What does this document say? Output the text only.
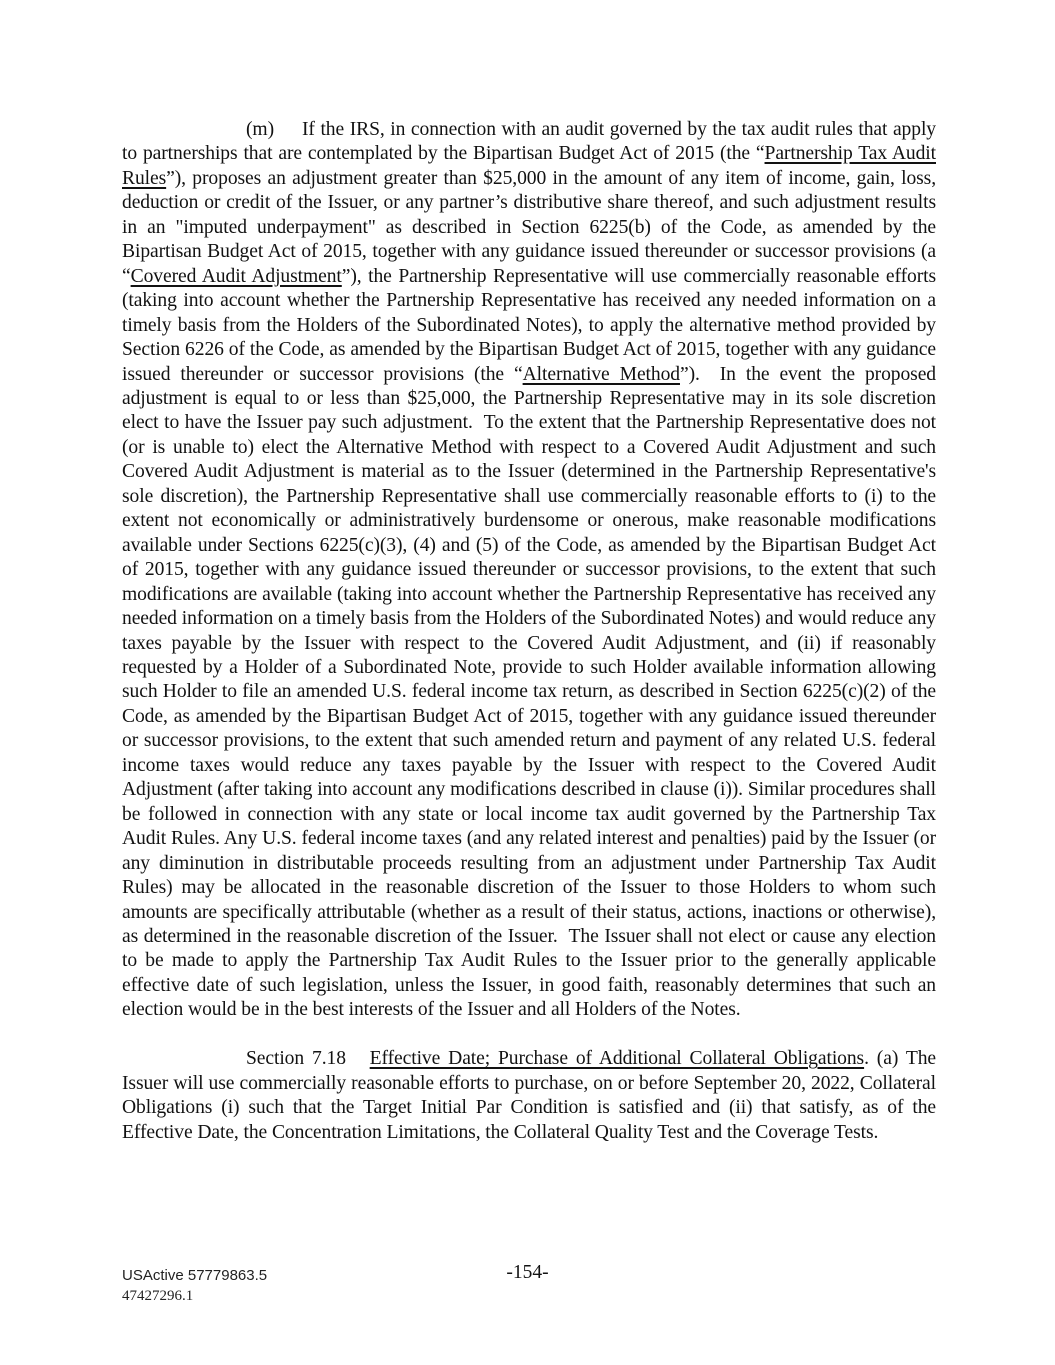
(m)     If the IRS, in connection with an audit governed by the tax audit rules that apply to partnerships that are contemplated by the Bipartisan Budget Act of 2015 (the “Partnership Tax Audit Rules”), proposes an adjustment greater than $25,000 in the amount of any item of income, gain, loss, deduction or credit of the Issuer, or any partner’s distributive share thereof, and such adjustment results in an "imputed underpayment" as described in Section 6225(b) of the Code, as amended by the Bipartisan Budget Act of 2015, together with any guidance issued thereunder or successor provisions (a “Covered Audit Adjustment”), the Partnership Representative will use commercially reasonable efforts (taking into account whether the Partnership Representative has received any needed information on a timely basis from the Holders of the Subordinated Notes), to apply the alternative method provided by Section 6226 of the Code, as amended by the Bipartisan Budget Act of 2015, together with any guidance issued thereunder or successor provisions (the “Alternative Method”).  In the event the proposed adjustment is equal to or less than $25,000, the Partnership Representative may in its sole discretion elect to have the Issuer pay such adjustment.  To the extent that the Partnership Representative does not (or is unable to) elect the Alternative Method with respect to a Covered Audit Adjustment and such Covered Audit Adjustment is material as to the Issuer (determined in the Partnership Representative's sole discretion), the Partnership Representative shall use commercially reasonable efforts to (i) to the extent not economically or administratively burdensome or onerous, make reasonable modifications available under Sections 6225(c)(3), (4) and (5) of the Code, as amended by the Bipartisan Budget Act of 2015, together with any guidance issued thereunder or successor provisions, to the extent that such modifications are available (taking into account whether the Partnership Representative has received any needed information on a timely basis from the Holders of the Subordinated Notes) and would reduce any taxes payable by the Issuer with respect to the Covered Audit Adjustment, and (ii) if reasonably requested by a Holder of a Subordinated Note, provide to such Holder available information allowing such Holder to file an amended U.S. federal income tax return, as described in Section 6225(c)(2) of the Code, as amended by the Bipartisan Budget Act of 2015, together with any guidance issued thereunder or successor provisions, to the extent that such amended return and payment of any related U.S. federal income taxes would reduce any taxes payable by the Issuer with respect to the Covered Audit Adjustment (after taking into account any modifications described in clause (i)). Similar procedures shall be followed in connection with any state or local income tax audit governed by the Partnership Tax Audit Rules. Any U.S. federal income taxes (and any related interest and penalties) paid by the Issuer (or any diminution in distributable proceeds resulting from an adjustment under Partnership Tax Audit Rules) may be allocated in the reasonable discretion of the Issuer to those Holders to whom such amounts are specifically attributable (whether as a result of their status, actions, inactions or otherwise), as determined in the reasonable discretion of the Issuer.  The Issuer shall not elect or cause any election to be made to apply the Partnership Tax Audit Rules to the Issuer prior to the generally applicable effective date of such legislation, unless the Issuer, in good faith, reasonably determines that such an election would be in the best interests of the Issuer and all Holders of the Notes.

Section 7.18   Effective Date; Purchase of Additional Collateral Obligations. (a) The Issuer will use commercially reasonable efforts to purchase, on or before September 20, 2022, Collateral Obligations (i) such that the Target Initial Par Condition is satisfied and (ii) that satisfy, as of the Effective Date, the Concentration Limitations, the Collateral Quality Test and the Coverage Tests.

USActive 57779863.5
47427296.1
-154-
